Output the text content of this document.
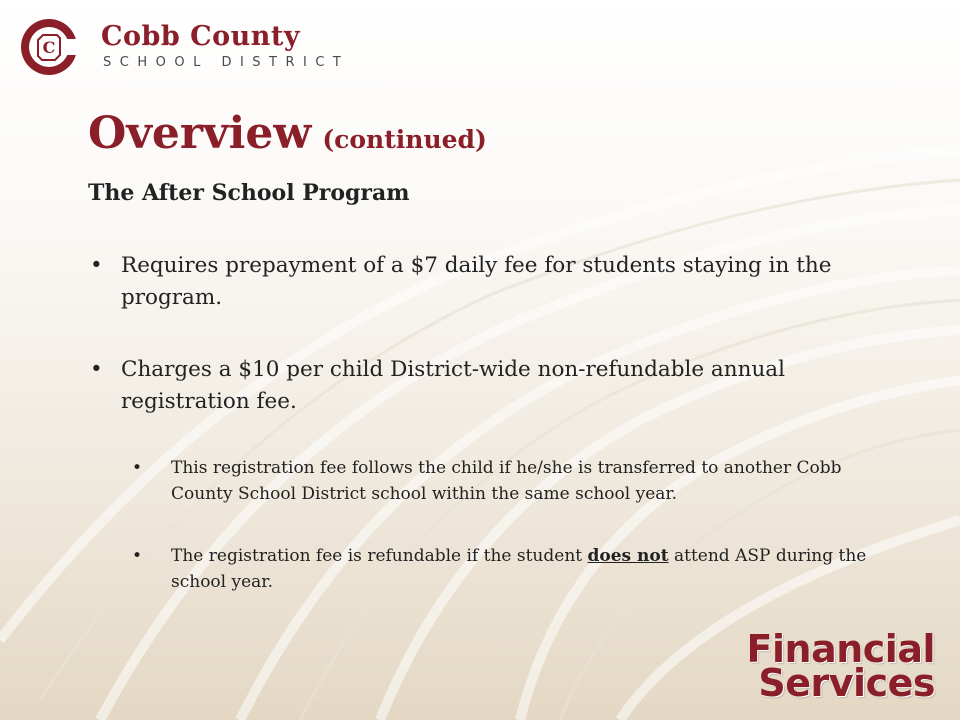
C Cobb County
SCHOOL DISTRICT
Overview (continued)
The After School Program
• Requires prepayment of a $7 daily fee for students staying in the program.
• Charges a $10 per child District-wide non-refundable annual registration fee.
• This registration fee follows the child if he/she is transferred to another Cobb County School District school within the same school year.
• The registration fee is refundable if the student does not attend ASP during the school year.
Financial
Services
